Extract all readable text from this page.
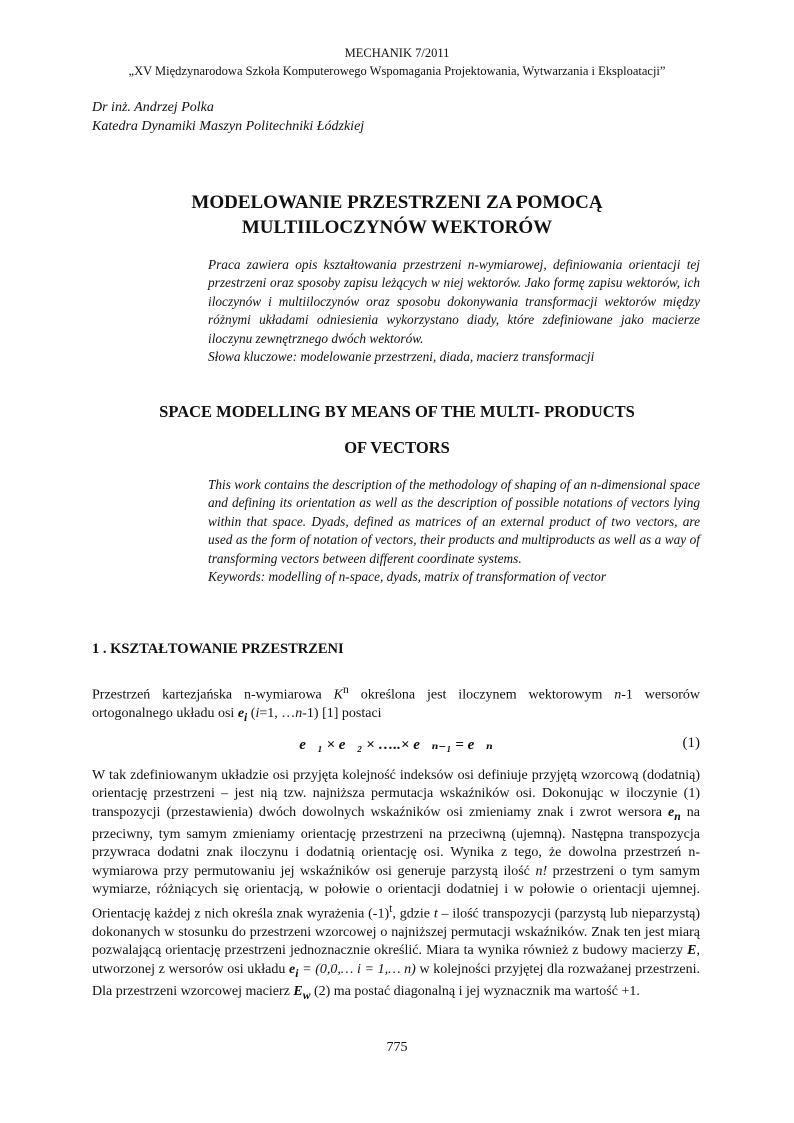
MECHANIK 7/2011
„XV Międzynarodowa Szkoła Komputerowego Wspomagania Projektowania, Wytwarzania i Eksploatacji”
Dr inż. Andrzej Polka
Katedra Dynamiki Maszyn Politechniki Łódzkiej
MODELOWANIE PRZESTRZENI ZA POMOCĄ
MULTIILOCZYNÓW WEKTORÓW

Praca zawiera opis kształtowania przestrzeni n-wymiarowej, definiowania orientacji tej przestrzeni oraz sposoby zapisu leżących w niej wektorów. Jako formę zapisu wektorów, ich iloczynów i multiiloczynów oraz sposobu dokonywania transformacji wektorów między różnymi układami odniesienia wykorzystano diady, które zdefiniowane jako macierze iloczynu zewnętrznego dwóch wektorów.

Słowa kluczowe: modelowanie przestrzeni, diada, macierz transformacji

SPACE MODELLING BY MEANS OF THE MULTI- PRODUCTS
OF VECTORS

This work contains the description of the methodology of shaping of an n-dimensional space and defining its orientation as well as the description of possible notations of vectors lying within that space. Dyads, defined as matrices of an external product of two vectors, are used as the form of notation of vectors, their products and multiproducts as well as a way of transforming vectors between different coordinate systems.

Keywords: modelling of n-space, dyads, matrix of transformation of vector

1 . KSZTAŁTOWANIE PRZESTRZENI

Przestrzeń kartezjańska n-wymiarowa $K^n$ określona jest iloczynem wektorowym n-1 wersorów ortogonalnego układu osi $e_i$ (i=1, …n-1) [1] postaci

e⃗₁ × e⃗₂ × …..× e⃗ₙ₋₁ = e⃗ₙ	(1)

W tak zdefiniowanym układzie osi przyjęta kolejność indeksów osi definiuje przyjętą wzorcową (dodatnią) orientację przestrzeni – jest nią tzw. najniższa permutacja wskaźników osi. Dokonując w iloczynie (1) transpozycji (przestawienia) dwóch dowolnych wskaźników osi zmieniamy znak i zwrot wersora $e_n$ na przeciwny, tym samym zmieniamy orientację przestrzeni na przeciwną (ujemną). Następna transpozycja przywraca dodatni znak iloczynu i dodatnią orientację osi. Wynika z tego, że dowolna przestrzeń n-wymiarowa przy permutowaniu jej wskaźników osi generuje parzystą ilość n! przestrzeni o tym samym wymiarze, różniących się orientacją, w połowie o orientacji dodatniej i w połowie o orientacji ujemnej. Orientację każdej z nich określa znak wyrażenia $(-1)^t$, gdzie t – ilość transpozycji (parzystą lub nieparzystą) dokonanych w stosunku do przestrzeni wzorcowej o najniższej permutacji wskaźników. Znak ten jest miarą pozwalającą orientację przestrzeni jednoznacznie określić. Miara ta wynika również z budowy macierzy E, utworzonej z wersorów osi układu $e_i$ = (0,0,… i = 1,… n) w kolejności przyjętej dla rozważanej przestrzeni. Dla przestrzeni wzorcowej macierz $E_w$ (2) ma postać diagonalną i jej wyznacznik ma wartość +1.

775
